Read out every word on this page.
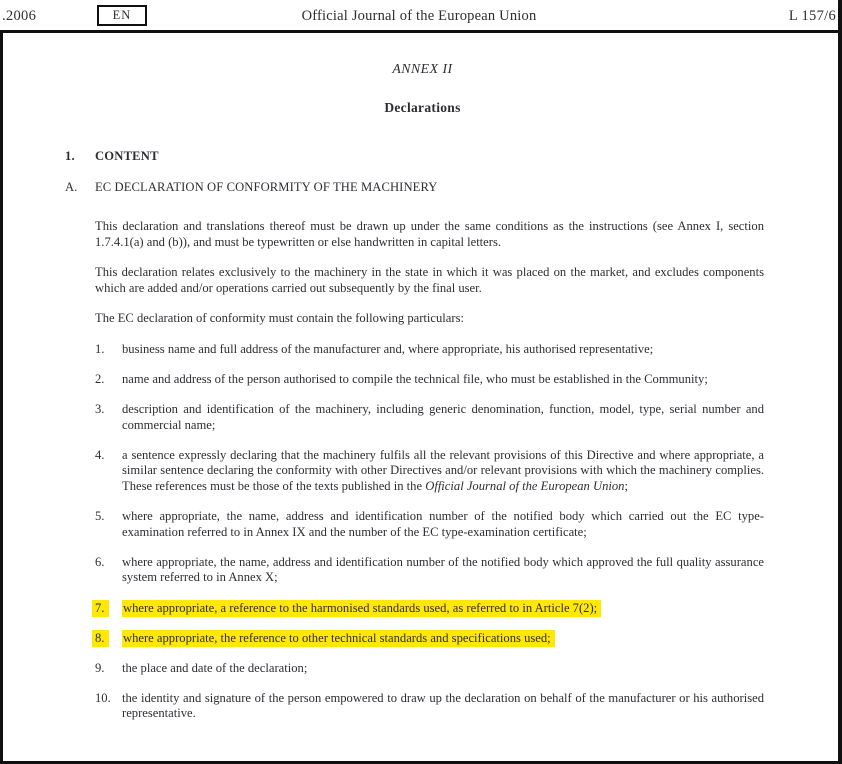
.2006	EN	Official Journal of the European Union	L 157/6
ANNEX II
Declarations
1. CONTENT
A. EC DECLARATION OF CONFORMITY OF THE MACHINERY

This declaration and translations thereof must be drawn up under the same conditions as the instructions (see Annex I, section 1.7.4.1(a) and (b)), and must be typewritten or else handwritten in capital letters.

This declaration relates exclusively to the machinery in the state in which it was placed on the market, and excludes components which are added and/or operations carried out subsequently by the final user.

The EC declaration of conformity must contain the following particulars:

1.	business name and full address of the manufacturer and, where appropriate, his authorised representative;
2.	name and address of the person authorised to compile the technical file, who must be established in the Community;
3.	description and identification of the machinery, including generic denomination, function, model, type, serial number and commercial name;
4.	a sentence expressly declaring that the machinery fulfils all the relevant provisions of this Directive and where appropriate, a similar sentence declaring the conformity with other Directives and/or relevant provisions with which the machinery complies. These references must be those of the texts published in the Official Journal of the European Union;
5.	where appropriate, the name, address and identification number of the notified body which carried out the EC type-examination referred to in Annex IX and the number of the EC type-examination certificate;
6.	where appropriate, the name, address and identification number of the notified body which approved the full quality assurance system referred to in Annex X;
7.	where appropriate, a reference to the harmonised standards used, as referred to in Article 7(2);
8.	where appropriate, the reference to other technical standards and specifications used;
9.	the place and date of the declaration;
10. the identity and signature of the person empowered to draw up the declaration on behalf of the manufacturer or his authorised representative.
